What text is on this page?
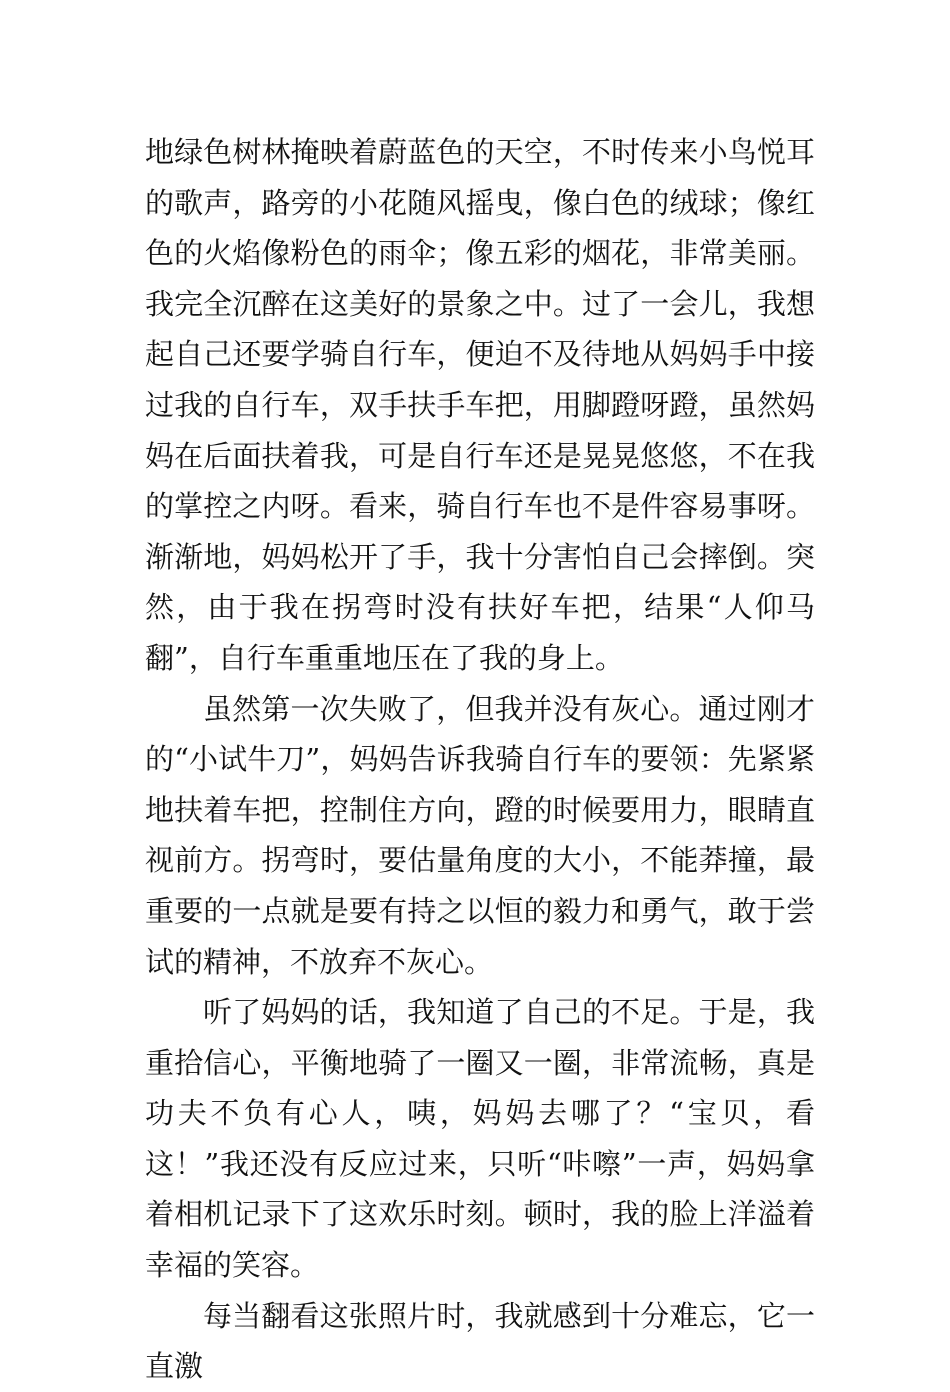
地绿色树林掩映着蔚蓝色的天空，不时传来小鸟悦耳的歌声，路旁的小花随风摇曳，像白色的绒球；像红色的火焰像粉色的雨伞；像五彩的烟花，非常美丽。我完全沉醉在这美好的景象之中。过了一会儿，我想起自己还要学骑自行车，便迫不及待地从妈妈手中接过我的自行车，双手扶手车把，用脚蹬呀蹬，虽然妈妈在后面扶着我，可是自行车还是晃晃悠悠，不在我的掌控之内呀。看来，骑自行车也不是件容易事呀。渐渐地，妈妈松开了手，我十分害怕自己会摔倒。突然，由于我在拐弯时没有扶好车把，结果“人仰马翻”，自行车重重地压在了我的身上。

虽然第一次失败了，但我并没有灰心。通过刚才的“小试牛刀”，妈妈告诉我骑自行车的要领：先紧紧地扶着车把，控制住方向，蹬的时候要用力，眼睛直视前方。拐弯时，要估量角度的大小，不能莽撞，最重要的一点就是要有持之以恒的毅力和勇气，敢于尝试的精神，不放弃不灰心。

听了妈妈的话，我知道了自己的不足。于是，我重拾信心，平衡地骑了一圈又一圈，非常流畅，真是功夫不负有心人，咦，妈妈去哪了？“宝贝，看这！”我还没有反应过来，只听“咔嚓”一声，妈妈拿着相机记录下了这欢乐时刻。顿时，我的脸上洋溢着幸福的笑容。

每当翻看这张照片时，我就感到十分难忘，它一直激
